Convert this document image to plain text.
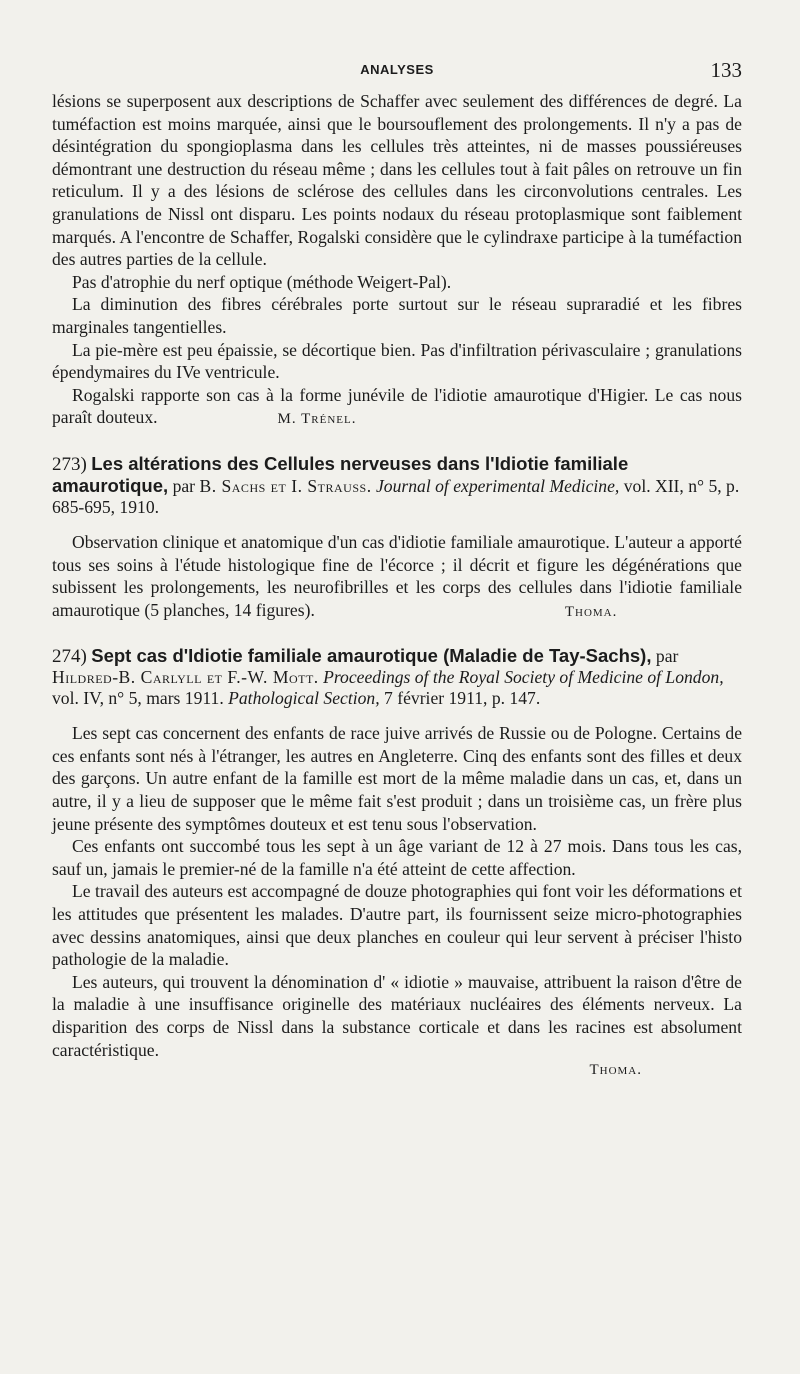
ANALYSES	133

lésions se superposent aux descriptions de Schaffer avec seulement des différences de degré. La tuméfaction est moins marquée, ainsi que le boursouflement des prolongements. Il n'y a pas de désintégration du spongioplasma dans les cellules très atteintes, ni de masses poussiéreuses démontrant une destruction du réseau même ; dans les cellules tout à fait pâles on retrouve un fin reticulum. Il y a des lésions de sclérose des cellules dans les circonvolutions centrales. Les granulations de Nissl ont disparu. Les points nodaux du réseau protoplasmique sont faiblement marqués. A l'encontre de Schaffer, Rogalski considère que le cylindraxe participe à la tuméfaction des autres parties de la cellule.

Pas d'atrophie du nerf optique (méthode Weigert-Pal).

La diminution des fibres cérébrales porte surtout sur le réseau supraradié et les fibres marginales tangentielles.

La pie-mère est peu épaissie, se décortique bien. Pas d'infiltration périvasculaire ; granulations épendymaires du IVe ventricule.

Rogalski rapporte son cas à la forme junévile de l'idiotie amaurotique d'Higier. Le cas nous paraît douteux.	M. Trénel.

273) Les altérations des Cellules nerveuses dans l'Idiotie familiale amaurotique, par B. Sachs et I. Strauss. Journal of experimental Medicine, vol. XII, n° 5, p. 685-695, 1910.

Observation clinique et anatomique d'un cas d'idiotie familiale amaurotique. L'auteur a apporté tous ses soins à l'étude histologique fine de l'écorce ; il décrit et figure les dégénérations que subissent les prolongements, les neurofibrilles et les corps des cellules dans l'idiotie familiale amaurotique (5 planches, 14 figures).	Thoma.

274) Sept cas d'Idiotie familiale amaurotique (Maladie de Tay-Sachs), par Hildred-B. Carlyll et F.-W. Mott. Proceedings of the Royal Society of Medicine of London, vol. IV, n° 5, mars 1911. Pathological Section, 7 février 1911, p. 147.

Les sept cas concernent des enfants de race juive arrivés de Russie ou de Pologne. Certains de ces enfants sont nés à l'étranger, les autres en Angleterre. Cinq des enfants sont des filles et deux des garçons. Un autre enfant de la famille est mort de la même maladie dans un cas, et, dans un autre, il y a lieu de supposer que le même fait s'est produit ; dans un troisième cas, un frère plus jeune présente des symptômes douteux et est tenu sous l'observation.

Ces enfants ont succombé tous les sept à un âge variant de 12 à 27 mois. Dans tous les cas, sauf un, jamais le premier-né de la famille n'a été atteint de cette affection.

Le travail des auteurs est accompagné de douze photographies qui font voir les déformations et les attitudes que présentent les malades. D'autre part, ils fournissent seize micro-photographies avec dessins anatomiques, ainsi que deux planches en couleur qui leur servent à préciser l'histo pathologie de la maladie.

Les auteurs, qui trouvent la dénomination d' « idiotie » mauvaise, attribuent la raison d'être de la maladie à une insuffisance originelle des matériaux nucléaires des éléments nerveux. La disparition des corps de Nissl dans la substance corticale et dans les racines est absolument caractéristique.

Thoma.
